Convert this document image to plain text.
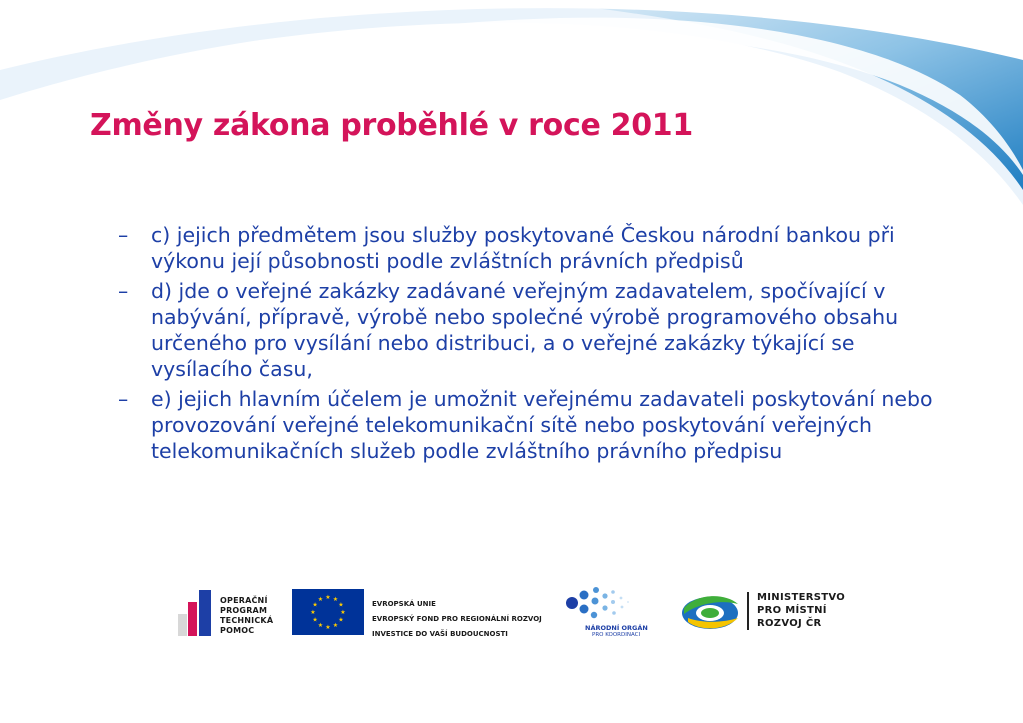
Změny zákona proběhlé v roce 2011
– c) jejich předmětem jsou služby poskytované Českou národní bankou při výkonu její působnosti podle zvláštních právních předpisů
– d) jde o veřejné zakázky zadávané veřejným zadavatelem, spočívající v nabývání, přípravě, výrobě nebo společné výrobě programového obsahu určeného pro vysílání nebo distribuci, a o veřejné zakázky týkající se vysílacího času,
– e) jejich hlavním účelem je umožnit veřejnému zadavateli poskytování nebo provozování veřejné telekomunikační sítě nebo poskytování veřejných telekomunikačních služeb podle zvláštního právního předpisu
OPERAČNÍ
PROGRAM
TECHNICKÁ
POMOC
★ ★
★
★
★
★
★
★
★
★
★
★
EVROPSKÁ UNIE
EVROPSKÝ FOND PRO REGIONÁLNÍ ROZVOJ
INVESTICE DO VAŠÍ BUDOUCNOSTI
NÁRODNÍ ORGÁN
PRO KOORDINACI
MINISTERSTVO
PRO MÍSTNÍ
ROZVOJ ČR
